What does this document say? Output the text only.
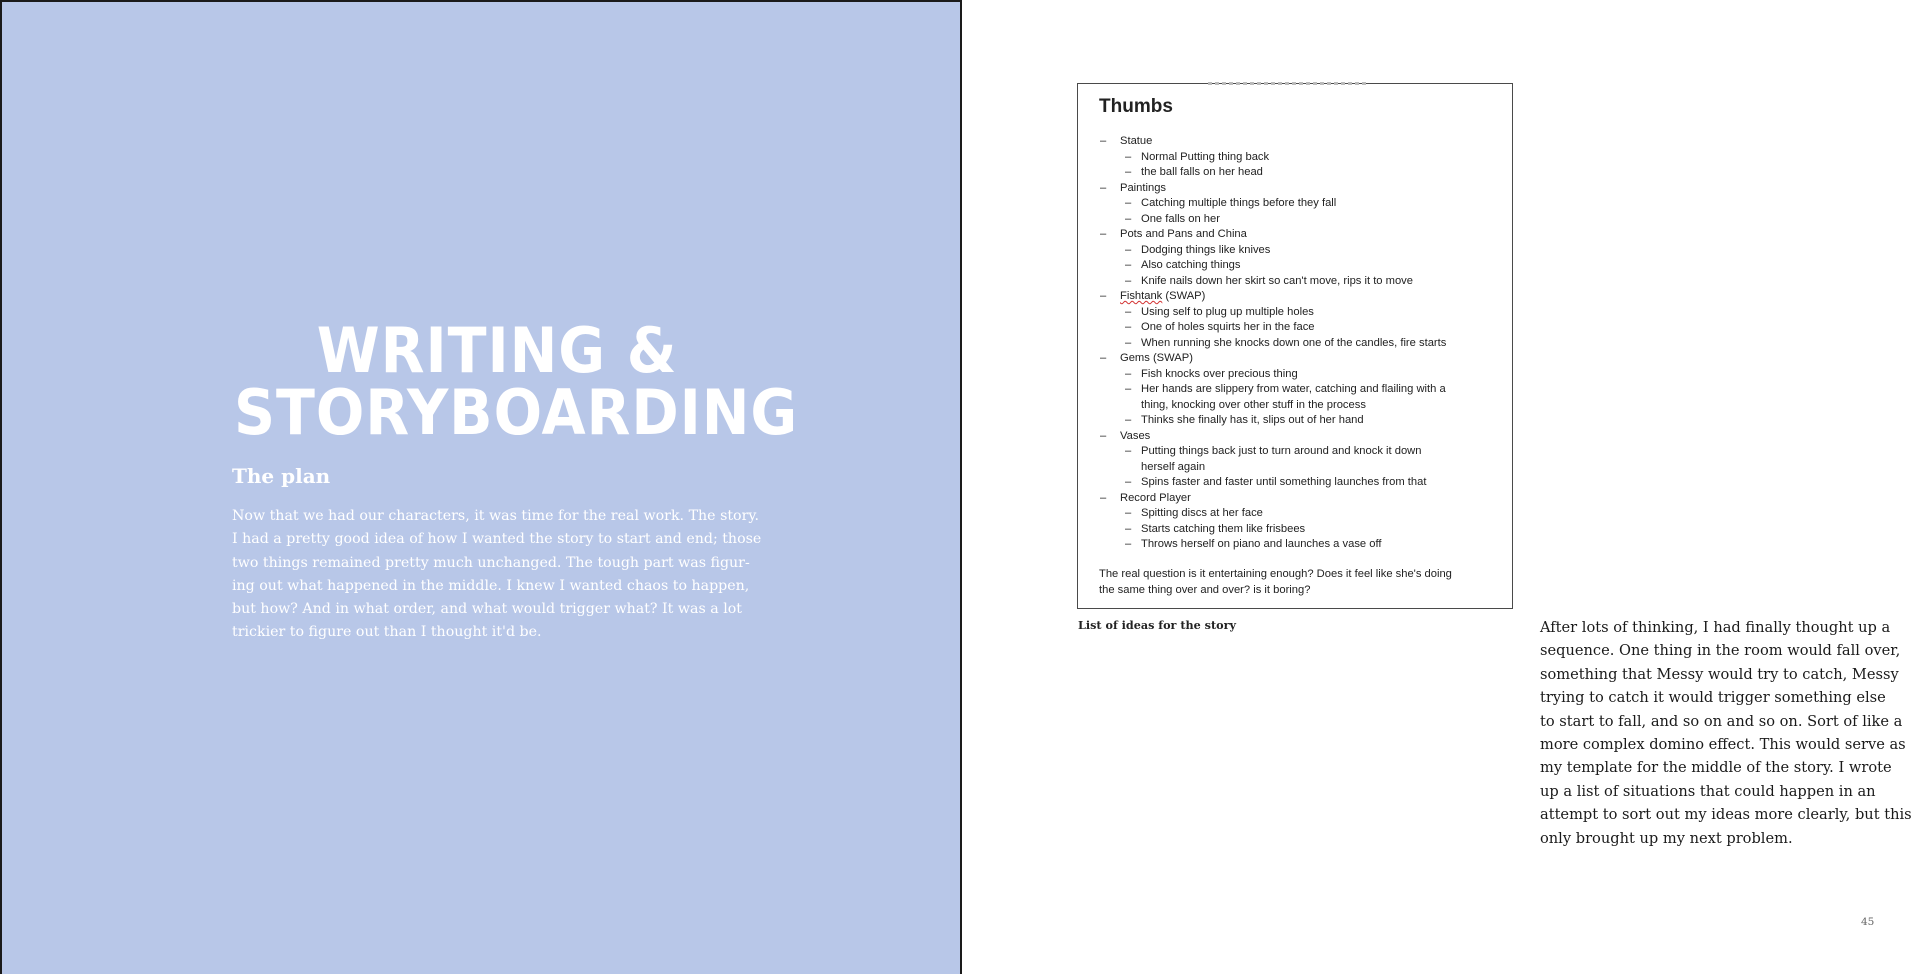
WRITING &
STORYBOARDING
The plan

Now that we had our characters, it was time for the real work. The story.
I had a pretty good idea of how I wanted the story to start and end; those
two things remained pretty much unchanged. The tough part was figur-
ing out what happened in the middle. I knew I wanted chaos to happen,
but how? And in what order, and what would trigger what? It was a lot
trickier to figure out than I thought it'd be.

Thumbs
– Statue
– Normal Putting thing back
– the ball falls on her head
– Paintings
– Catching multiple things before they fall
– One falls on her
– Pots and Pans and China
– Dodging things like knives
– Also catching things
– Knife nails down her skirt so can't move, rips it to move
– Fishtank (SWAP)
– Using self to plug up multiple holes
– One of holes squirts her in the face
– When running she knocks down one of the candles, fire starts
– Gems (SWAP)
– Fish knocks over precious thing
– Her hands are slippery from water, catching and flailing with a
thing, knocking over other stuff in the process
– Thinks she finally has it, slips out of her hand
– Vases
– Putting things back just to turn around and knock it down
herself again
– Spins faster and faster until something launches from that
– Record Player
– Spitting discs at her face
– Starts catching them like frisbees
– Throws herself on piano and launches a vase off
The real question is it entertaining enough? Does it feel like she's doing
the same thing over and over? is it boring?
List of ideas for the story	After lots of thinking, I had finally thought up a
sequence. One thing in the room would fall over,
something that Messy would try to catch, Messy
trying to catch it would trigger something else
to start to fall, and so on and so on. Sort of like a
more complex domino effect. This would serve as
my template for the middle of the story. I wrote
up a list of situations that could happen in an
attempt to sort out my ideas more clearly, but this
only brought up my next problem.

45
